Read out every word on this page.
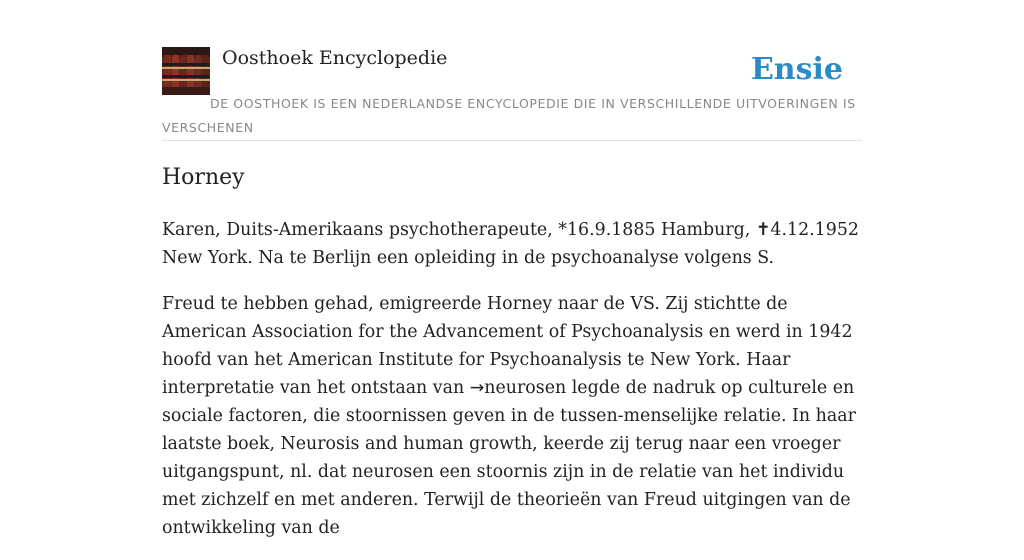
Oosthoek Encyclopedie	Ensie

DE OOSTHOEK IS EEN NEDERLANDSE ENCYCLOPEDIE DIE IN VERSCHILLENDE UITVOERINGEN IS VERSCHENEN

Horney

Karen, Duits-Amerikaans psychotherapeute, *16.9.1885 Hamburg, ✝4.12.1952 New York. Na te Berlijn een opleiding in de psychoanalyse volgens S.

Freud te hebben gehad, emigreerde Horney naar de VS. Zij stichtte de American Association for the Advancement of Psychoanalysis en werd in 1942 hoofd van het American Institute for Psychoanalysis te New York. Haar interpretatie van het ontstaan van →neurosen legde de nadruk op culturele en sociale factoren, die stoornissen geven in de tussen-menselijke relatie. In haar laatste boek, Neurosis and human growth, keerde zij terug naar een vroeger uitgangspunt, nl. dat neurosen een stoornis zijn in de relatie van het individu met zichzelf en met anderen. Terwijl de theorieën van Freud uitgingen van de ontwikkeling van de
